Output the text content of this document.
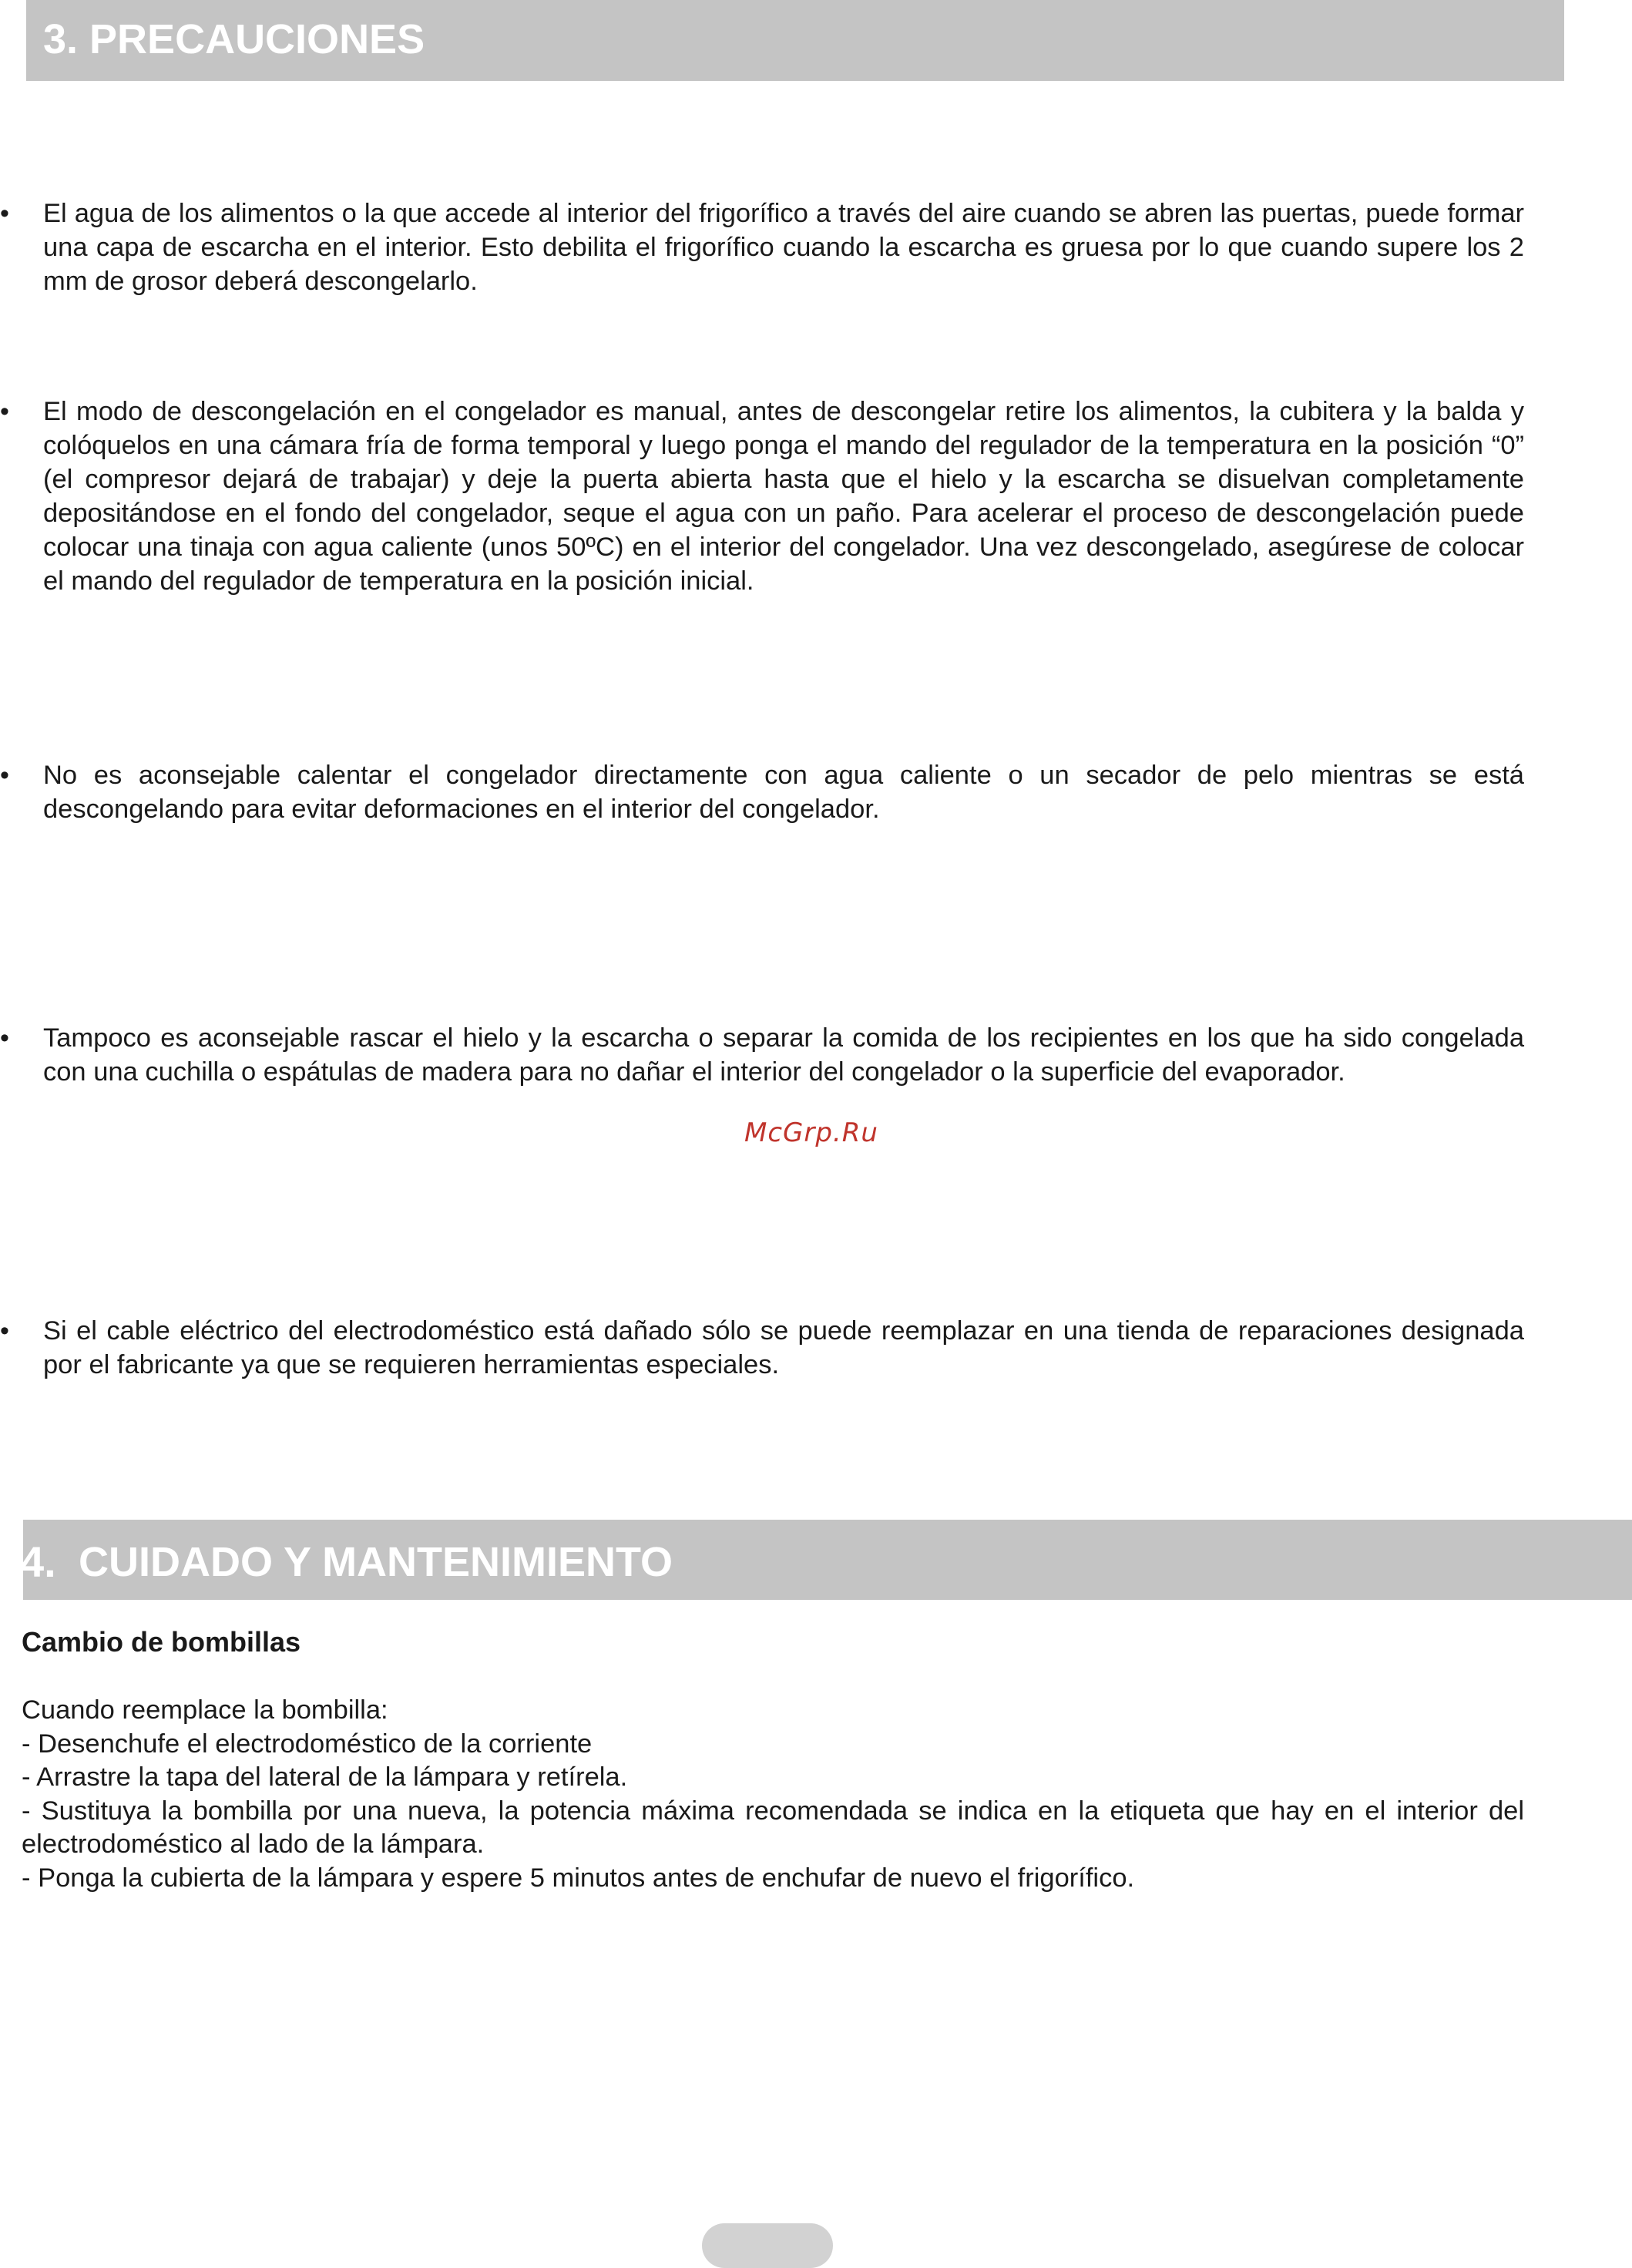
3. PRECAUCIONES
• El agua de los alimentos o la que accede al interior del frigorífico a través del aire cuando se abren las puertas, puede formar una capa de escarcha en el interior. Esto debilita el frigorífico cuando la escarcha es gruesa por lo que cuando supere los 2 mm de grosor deberá descongelarlo.
• El modo de descongelación en el congelador es manual, antes de descongelar retire los alimentos, la cubitera y la balda y colóquelos en una cámara fría de forma temporal y luego ponga el mando del regulador de la temperatura en la posición “0” (el compresor dejará de trabajar) y deje la puerta abierta hasta que el hielo y la escarcha se disuelvan completamente depositándose en el fondo del congelador, seque el agua con un paño. Para acelerar el proceso de descongelación puede colocar una tinaja con agua caliente (unos 50ºC) en el interior del congelador. Una vez descongelado, asegúrese de colocar el mando del regulador de temperatura en la posición inicial.
• No es aconsejable calentar el congelador directamente con agua caliente o un secador de pelo mientras se está descongelando para evitar deformaciones en el interior del congelador.
• Tampoco es aconsejable rascar el hielo y la escarcha o separar la comida de los recipientes en los que ha sido congelada con una cuchilla o espátulas de madera para no dañar el interior del congelador o la superficie del evaporador.
McGrp.Ru
• Si el cable eléctrico del electrodoméstico está dañado sólo se puede reemplazar en una tienda de reparaciones designada por el fabricante ya que se requieren herramientas especiales.
4. CUIDADO Y MANTENIMIENTO
Cambio de bombillas
Cuando reemplace la bombilla:
- Desenchufe el electrodoméstico de la corriente
- Arrastre la tapa del lateral de la lámpara y retírela.
- Sustituya la bombilla por una nueva, la potencia máxima recomendada se indica en la etiqueta que hay en el interior del electrodoméstico al lado de la lámpara.
- Ponga la cubierta de la lámpara y espere 5 minutos antes de enchufar de nuevo el frigorífico.
